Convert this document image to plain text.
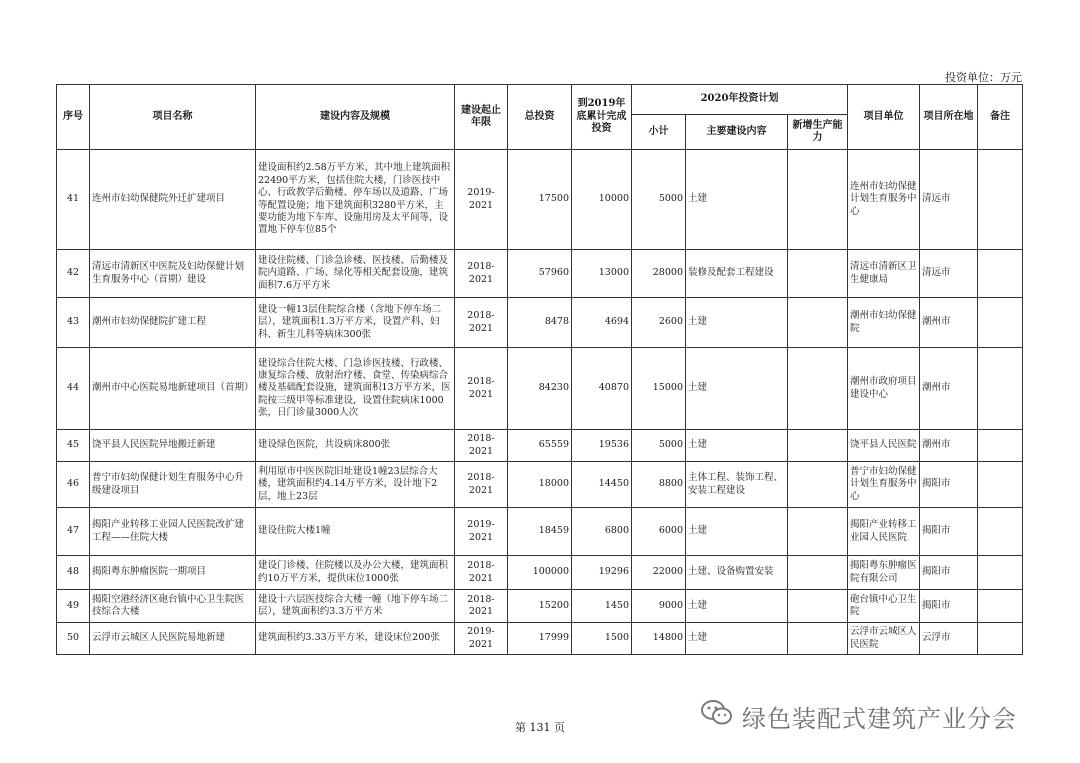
投资单位：万元
序号	项目名称	建设内容及规模	建设起止年限	总投资	到2019年底累计完成投资	2020年投资计划			项目单位	项目所在地	备注
						小计	主要建设内容	新增生产能力			
41	连州市妇幼保健院外迁扩建项目	建设面积约2.58万平方米，其中地上建筑面积22490平方米，包括住院大楼，门诊医技中心、行政教学后勤楼、停车场以及道路、广场等配置设施；地下建筑面积3280平方米，主要功能为地下车库、设施用房及太平间等，设置地下停车位85个	2019-2021	17500	10000	5000	土建		连州市妇幼保健计划生育服务中心	清远市	
42	清远市清新区中医院及妇幼保健计划生育服务中心（首期）建设	建设住院楼、门诊急诊楼、医技楼、后勤楼及院内道路、广场、绿化等相关配套设施，建筑面积7.6万平方米	2018-2021	57960	13000	28000	装修及配套工程建设		清远市清新区卫生健康局	清远市	
43	潮州市妇幼保健院扩建工程	建设一幢13层住院综合楼（含地下停车场二层），建筑面积1.3万平方米，设置产科、妇科、新生儿科等病床300张	2018-2021	8478	4694	2600	土建		潮州市妇幼保健院	潮州市	
44	潮州市中心医院易地新建项目（首期）	建设综合住院大楼、门急诊医技楼、行政楼、康复综合楼、放射治疗楼、食堂、传染病综合楼及基础配套设施，建筑面积13万平方米，医院按三级甲等标准建设，设置住院病床1000张，日门诊量3000人次	2018-2021	84230	40870	15000	土建		潮州市政府项目建设中心	潮州市	
45	饶平县人民医院异地搬迁新建	建设绿色医院，共设病床800张	2018-2021	65559	19536	5000	土建		饶平县人民医院	潮州市	
46	普宁市妇幼保健计划生育服务中心升级建设项目	利用原市中医医院旧址建设1幢23层综合大楼，建筑面积约4.14万平方米，设计地下2层，地上23层	2018-2021	18000	14450	8800	主体工程、装饰工程、安装工程建设		普宁市妇幼保健计划生育服务中心	揭阳市	
47	揭阳产业转移工业园人民医院改扩建工程——住院大楼	建设住院大楼1幢	2019-2021	18459	6800	6000	土建		揭阳产业转移工业园人民医院	揭阳市	
48	揭阳粤东肿瘤医院一期项目	建设门诊楼、住院楼以及办公大楼，建筑面积约10万平方米，提供床位1000张	2018-2021	100000	19296	22000	土建、设备购置安装		揭阳粤东肿瘤医院有限公司	揭阳市	
49	揭阳空港经济区砲台镇中心卫生院医技综合大楼	建设十六层医技综合大楼一幢（地下停车场二层），建筑面积约3.3万平方米	2018-2021	15200	1450	9000	土建		砲台镇中心卫生院	揭阳市	
50	云浮市云城区人民医院易地新建	建筑面积约3.33万平方米，建设床位200张	2019-2021	17999	1500	14800	土建		云浮市云城区人民医院	云浮市	
绿色装配式建筑产业分会
第 131 页
